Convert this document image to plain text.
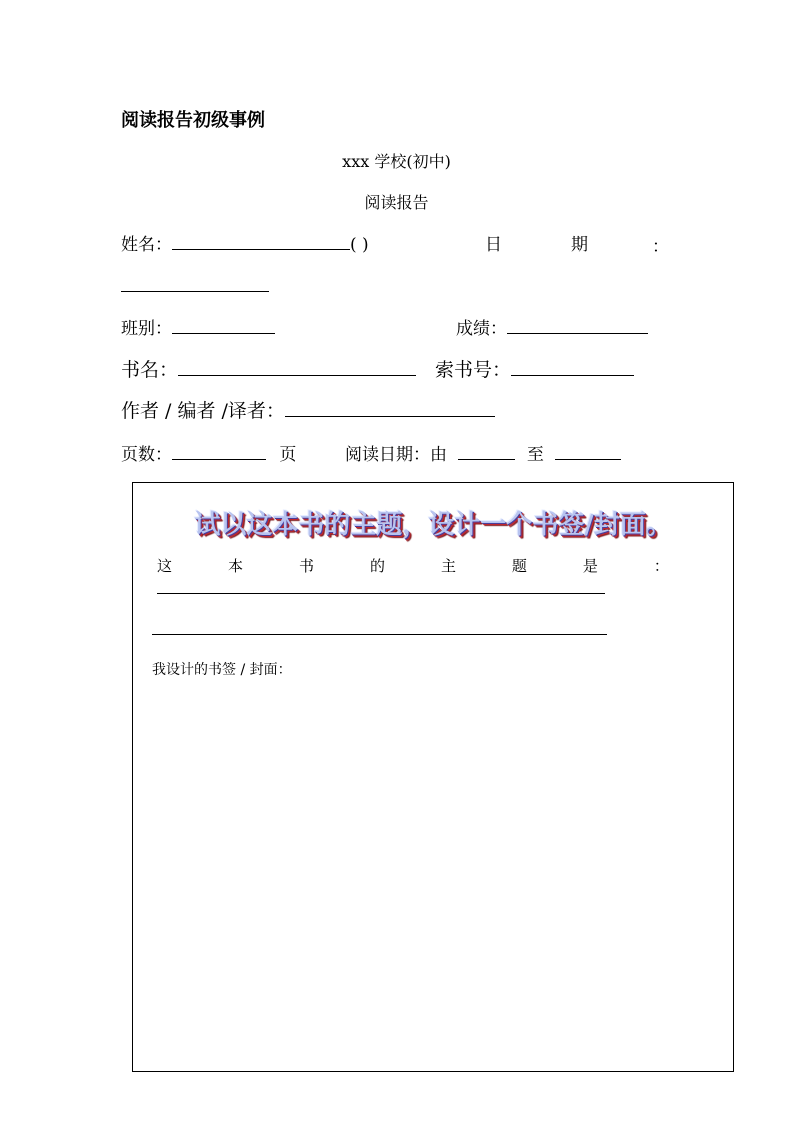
阅读报告初级事例
xxx 学校(初中)
阅读报告
姓名：	( )	日	期	：
班别：	成绩：
书名：	索书号：
作者 / 编者 /译者：
页数：	页	阅读日期：由	至
试以这本书的主题，设计一个书签/封面。
这	本	书	的	主	题	是	：
我设计的书签 / 封面：
